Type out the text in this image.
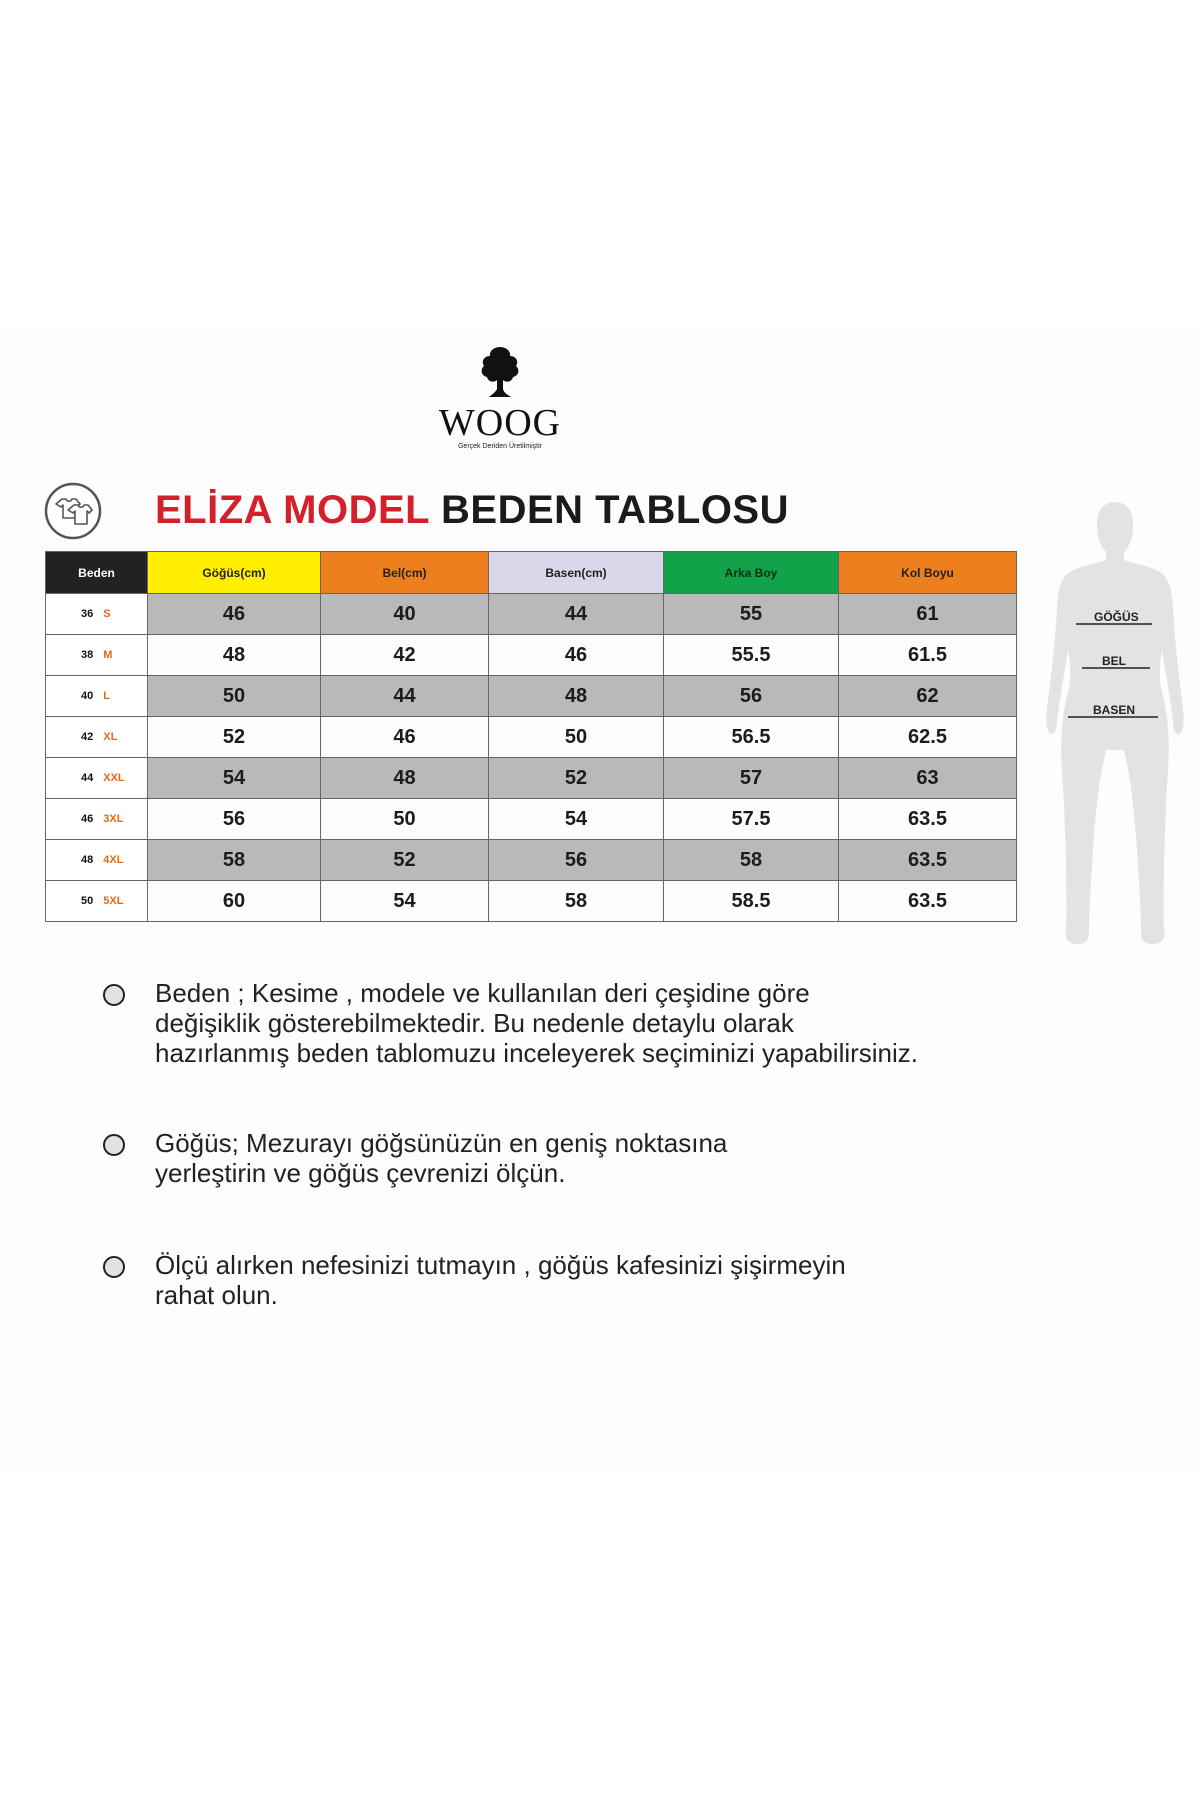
WOOG
Gerçek Deriden Üretilmiştir
ELİZA MODEL BEDEN TABLOSU
Beden	Göğüs(cm)	Bel(cm)	Basen(cm)	Arka Boy	Kol Boyu
36 S	46	40	44	55	61
38 M	48	42	46	55.5	61.5
40 L	50	44	48	56	62
42 XL	52	46	50	56.5	62.5
44 XXL	54	48	52	57	63
46 3XL	56	50	54	57.5	63.5
48 4XL	58	52	56	58	63.5
50 5XL	60	54	58	58.5	63.5
GÖĞÜS
BEL
BASEN
Beden ; Kesime , modele ve kullanılan deri çeşidine göre
değişiklik gösterebilmektedir. Bu nedenle detaylu olarak
hazırlanmış beden tablomuzu inceleyerek seçiminizi yapabilirsiniz.
Göğüs; Mezurayı göğsünüzün en geniş noktasına
yerleştirin ve göğüs çevrenizi ölçün.
Ölçü alırken nefesinizi tutmayın , göğüs kafesinizi şişirmeyin
rahat olun.
